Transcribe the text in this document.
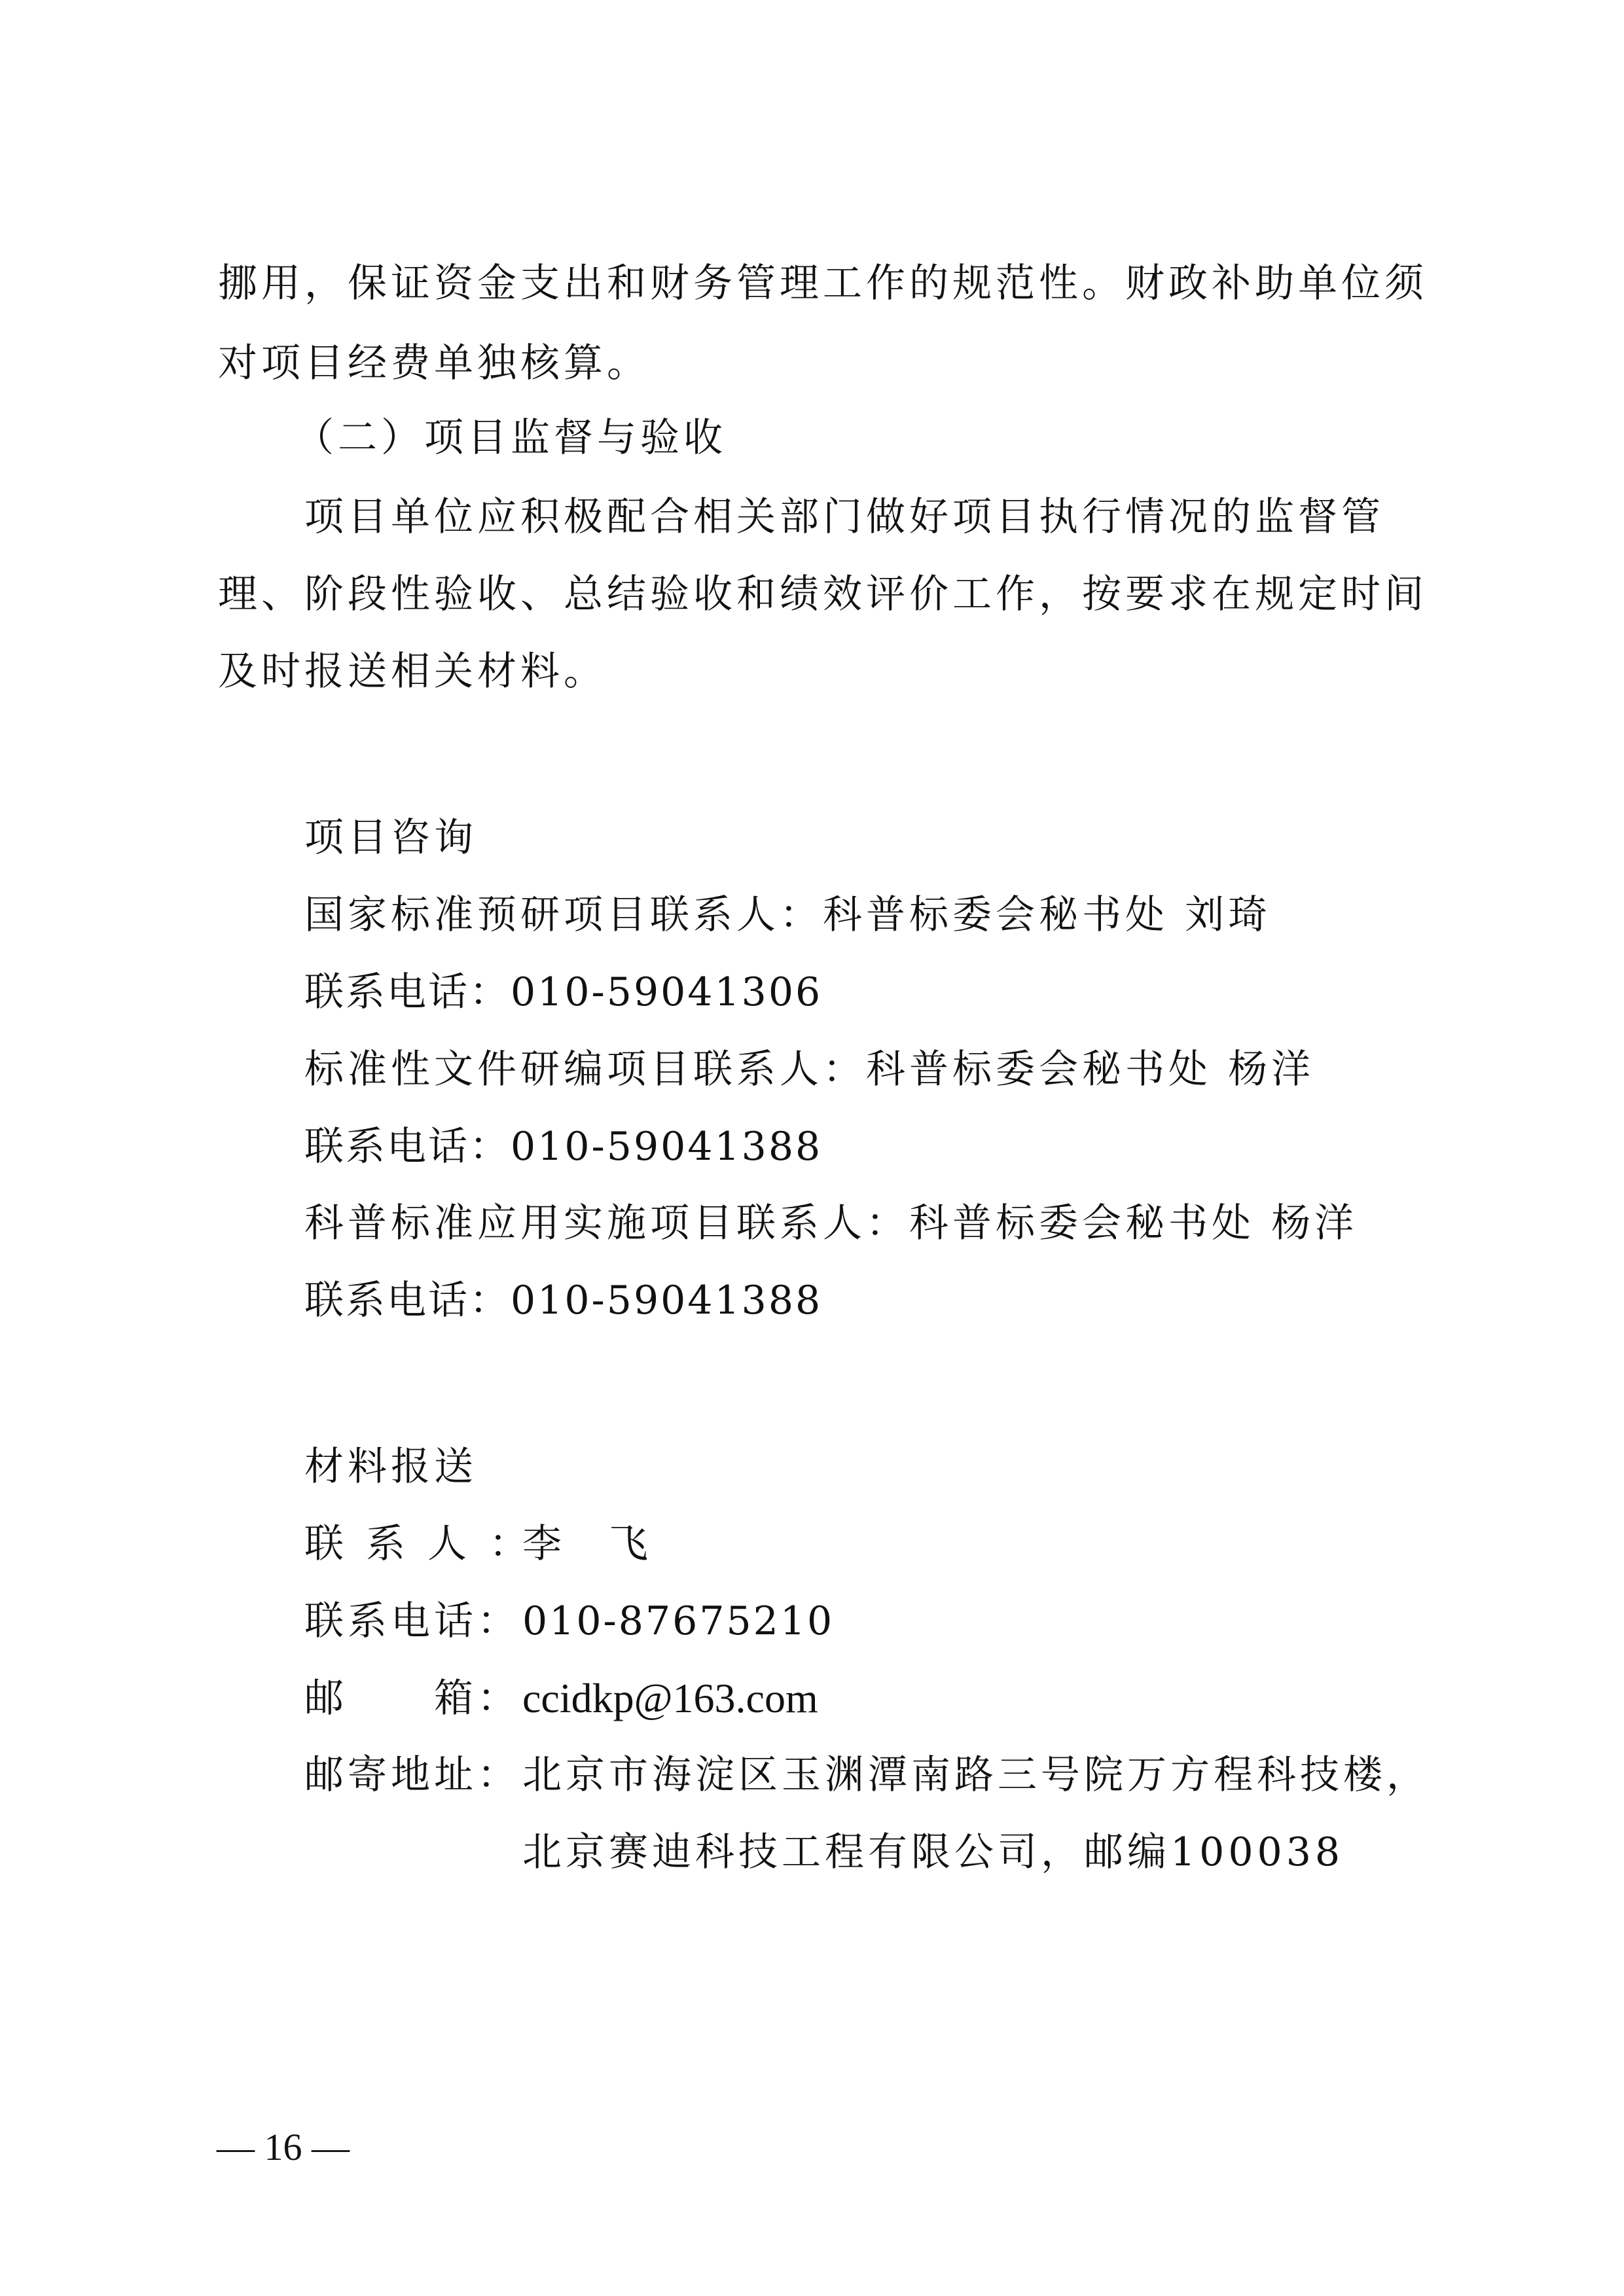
挪用，保证资金支出和财务管理工作的规范性。财政补助单位须
对项目经费单独核算。
（二）项目监督与验收
项目单位应积极配合相关部门做好项目执行情况的监督管
理、阶段性验收、总结验收和绩效评价工作，按要求在规定时间
及时报送相关材料。
项目咨询
国家标准预研项目联系人：科普标委会秘书处 刘琦
联系电话：010-59041306
标准性文件研编项目联系人：科普标委会秘书处 杨洋
联系电话：010-59041388
科普标准应用实施项目联系人：科普标委会秘书处 杨洋
联系电话：010-59041388
材料报送
联系人：
李　飞
联系电话： 010-87675210
邮　　箱： ccidkp@163.com
邮寄地址： 北京市海淀区玉渊潭南路三号院万方程科技楼，
北京赛迪科技工程有限公司，邮编100038
— 16 —
